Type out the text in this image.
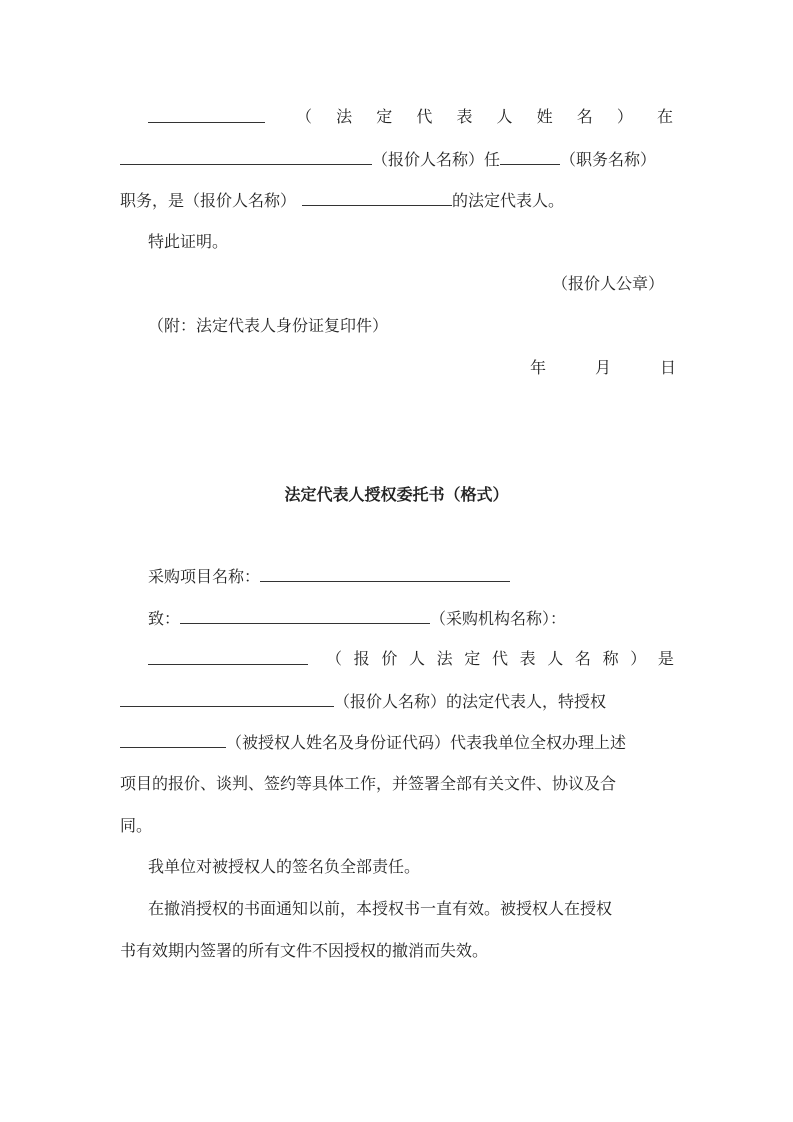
（ 法 定 代 表 人 姓 名 ） 在
（报价人名称）任	（职务名称）
职务，是（报价人名称）	的法定代表人。
特此证明。
（报价人公章）
（附：法定代表人身份证复印件）
年	月	日
法定代表人授权委托书（格式）
采购项目名称：
致：	（采购机构名称）：
（ 报 价 人 法 定 代 表 人 名 称 ） 是
（报价人名称）的法定代表人，特授权
（被授权人姓名及身份证代码）代表我单位全权办理上述
项目的报价、谈判、签约等具体工作，并签署全部有关文件、协议及合
同。
我单位对被授权人的签名负全部责任。
在撤消授权的书面通知以前，本授权书一直有效。被授权人在授权
书有效期内签署的所有文件不因授权的撤消而失效。
